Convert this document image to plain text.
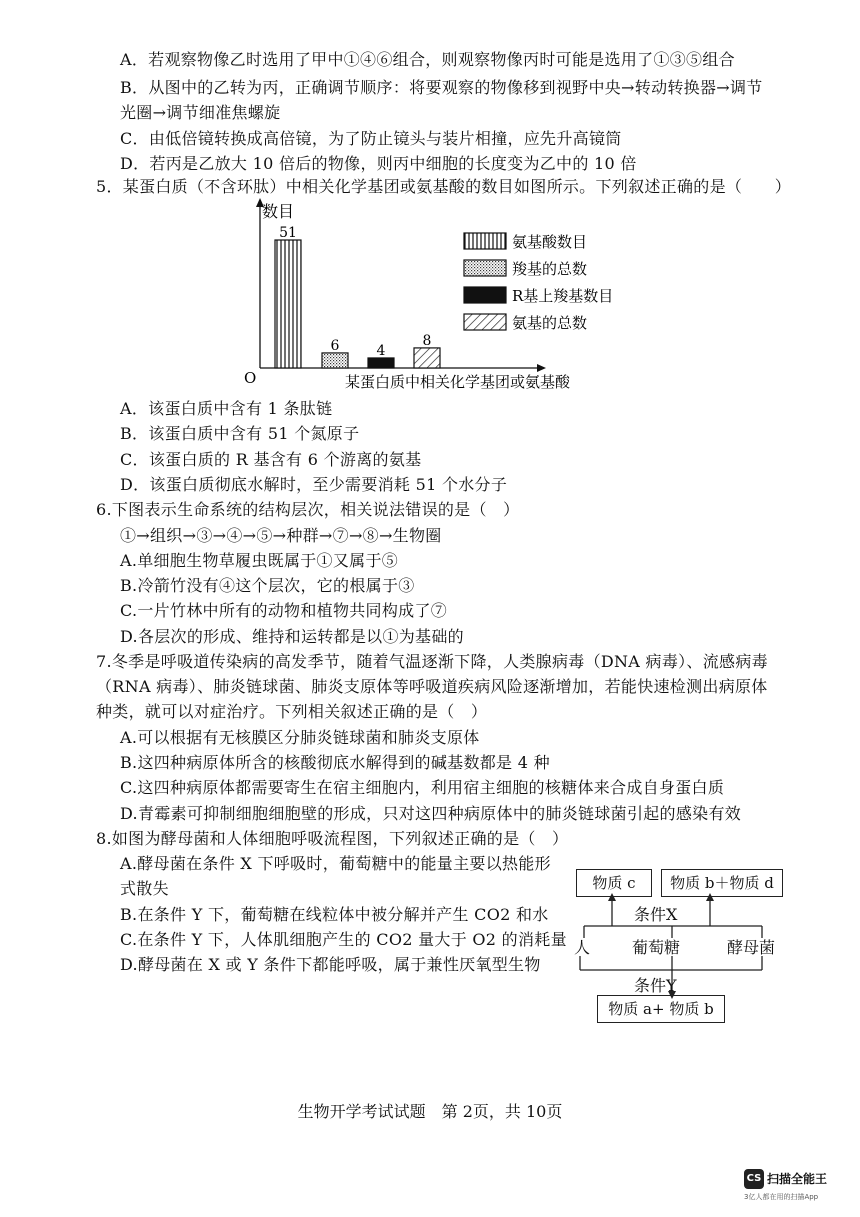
A．若观察物像乙时选用了甲中①④⑥组合，则观察物像丙时可能是选用了①③⑤组合
B．从图中的乙转为丙，正确调节顺序：将要观察的物像移到视野中央→转动转换器→调节
光圈→调节细准焦螺旋
C．由低倍镜转换成高倍镜，为了防止镜头与装片相撞，应先升高镜筒
D．若丙是乙放大 10 倍后的物像，则丙中细胞的长度变为乙中的 10 倍
5．某蛋白质（不含环肽）中相关化学基团或氨基酸的数目如图所示。下列叙述正确的是（　　）
数目
O	某蛋白质中相关化学基团或氨基酸
51
6	4
8
氨基酸数目
羧基的总数
R基上羧基数目
氨基的总数
A．该蛋白质中含有 1 条肽链
B．该蛋白质中含有 51 个氮原子
C．该蛋白质的 R 基含有 6 个游离的氨基
D．该蛋白质彻底水解时，至少需要消耗 51 个水分子
6.下图表示生命系统的结构层次，相关说法错误的是（　）
①→组织→③→④→⑤→种群→⑦→⑧→生物圈
A.单细胞生物草履虫既属于①又属于⑤
B.冷箭竹没有④这个层次，它的根属于③
C.一片竹林中所有的动物和植物共同构成了⑦
D.各层次的形成、维持和运转都是以①为基础的
7.冬季是呼吸道传染病的高发季节，随着气温逐渐下降，人类腺病毒（DNA 病毒）、流感病毒
（RNA 病毒）、肺炎链球菌、肺炎支原体等呼吸道疾病风险逐渐增加，若能快速检测出病原体
种类，就可以对症治疗。下列相关叙述正确的是（　）
A.可以根据有无核膜区分肺炎链球菌和肺炎支原体
B.这四种病原体所含的核酸彻底水解得到的碱基数都是 4 种
C.这四种病原体都需要寄生在宿主细胞内，利用宿主细胞的核糖体来合成自身蛋白质
D.青霉素可抑制细胞细胞壁的形成，只对这四种病原体中的肺炎链球菌引起的感染有效
8.如图为酵母菌和人体细胞呼吸流程图，下列叙述正确的是（　）
A.酵母菌在条件 X 下呼吸时，葡萄糖中的能量主要以热能形
式散失
B.在条件 Y 下，葡萄糖在线粒体中被分解并产生 CO2 和水
C.在条件 Y 下，人体肌细胞产生的 CO2 量大于 O2 的消耗量
D.酵母菌在 X 或 Y 条件下都能呼吸，属于兼性厌氧型生物
物质 c	物质 b＋物质 d
条件X
人	葡萄糖	酵母菌
条件Y
物质 a+ 物质 b
生物开学考试试题　第 2页，共 10页
CS 扫描全能王
3亿人都在用的扫描App
